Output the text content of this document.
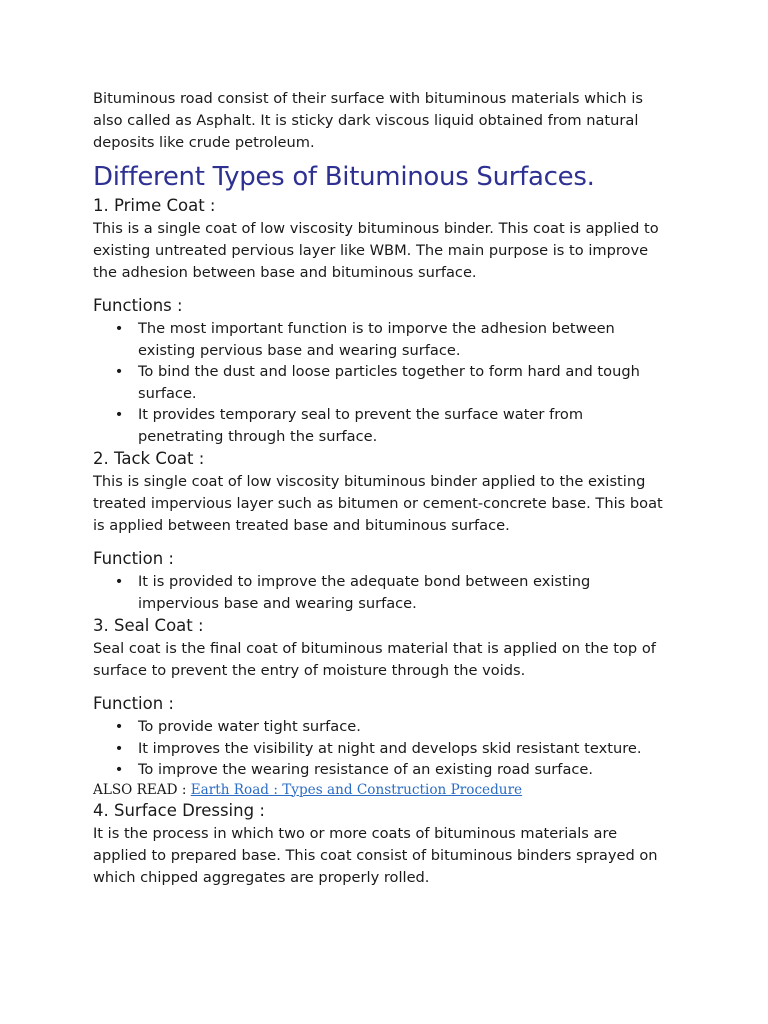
Bituminous road consist of their surface with bituminous materials which is also called as Asphalt. It is sticky dark viscous liquid obtained from natural deposits like crude petroleum.

Different Types of Bituminous Surfaces.
1. Prime Coat :

This is a single coat of low viscosity bituminous binder. This coat is applied to existing untreated pervious layer like WBM. The main purpose is to improve the adhesion between base and bituminous surface.

Functions :
• The most important function is to imporve the adhesion between existing pervious base and wearing surface.
• To bind the dust and loose particles together to form hard and tough surface.
• It provides temporary seal to prevent the surface water from penetrating through the surface.
2. Tack Coat :

This is single coat of low viscosity bituminous binder applied to the existing treated impervious layer such as bitumen or cement-concrete base. This boat is applied between treated base and bituminous surface.

Function :
• It is provided to improve the adequate bond between existing impervious base and wearing surface.
3. Seal Coat :

Seal coat is the final coat of bituminous material that is applied on the top of surface to prevent the entry of moisture through the voids.

Function :
• To provide water tight surface.
• It improves the visibility at night and develops skid resistant texture.
• To improve the wearing resistance of an existing road surface.

ALSO READ : Earth Road : Types and Construction Procedure

4. Surface Dressing :

It is the process in which two or more coats of bituminous materials are applied to prepared base. This coat consist of bituminous binders sprayed on which chipped aggregates are properly rolled.
